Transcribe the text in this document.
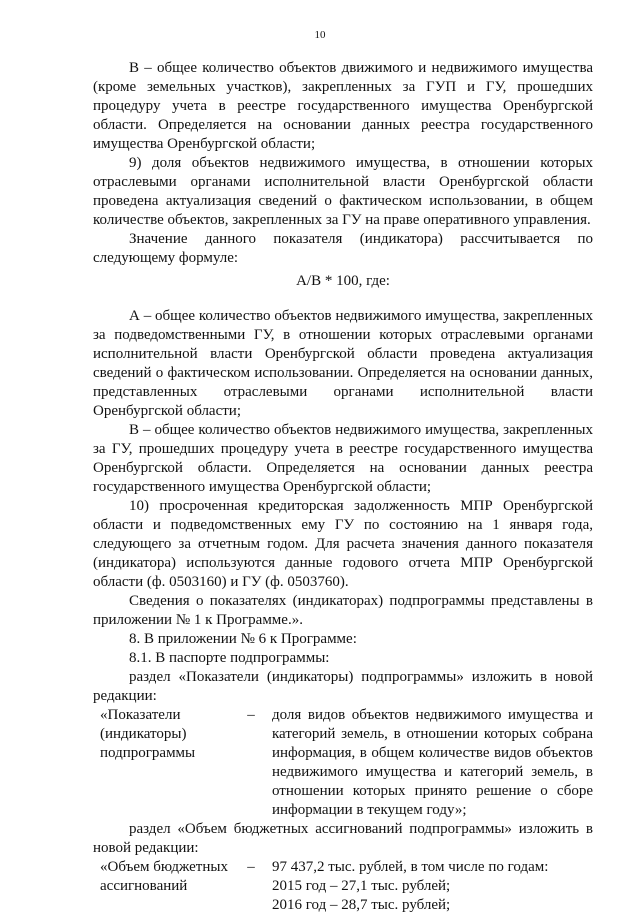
10

В – общее количество объектов движимого и недвижимого имущества (кроме земельных участков), закрепленных за ГУП и ГУ, прошедших процедуру учета в реестре государственного имущества Оренбургской области. Определяется на основании данных реестра государственного имущества Оренбургской области;

9) доля объектов недвижимого имущества, в отношении которых отраслевыми органами исполнительной власти Оренбургской области проведена актуализация сведений о фактическом использовании, в общем количестве объектов, закрепленных за ГУ на праве оперативного управления.

Значение данного показателя (индикатора) рассчитывается по следующему формуле:

А/В * 100, где:

А – общее количество объектов недвижимого имущества, закрепленных за подведомственными ГУ, в отношении которых отраслевыми органами исполнительной власти Оренбургской области проведена актуализация сведений о фактическом использовании. Определяется на основании данных, представленных отраслевыми органами исполнительной власти Оренбургской области;

В – общее количество объектов недвижимого имущества, закрепленных за ГУ, прошедших процедуру учета в реестре государственного имущества Оренбургской области. Определяется на основании данных реестра государственного имущества Оренбургской области;

10) просроченная кредиторская задолженность МПР Оренбургской области и подведомственных ему ГУ по состоянию на 1 января года, следующего за отчетным годом. Для расчета значения данного показателя (индикатора) используются данные годового отчета МПР Оренбургской области (ф. 0503160) и ГУ (ф. 0503760).

Сведения о показателях (индикаторах) подпрограммы представлены в приложении № 1 к Программе.».

8. В приложении № 6 к Программе:

8.1. В паспорте подпрограммы:

раздел «Показатели (индикаторы) подпрограммы» изложить в новой редакции:

«Показатели (индикаторы) подпрограммы	–	доля видов объектов недвижимого имущества и категорий земель, в отношении которых собрана информация, в общем количестве видов объектов недвижимого имущества и категорий земель, в отношении которых принято решение о сборе информации в текущем году»;

раздел «Объем бюджетных ассигнований подпрограммы» изложить в новой редакции:

«Объем бюджетных ассигнований	–	97 437,2 тыс. рублей, в том числе по годам:
2015 год – 27,1 тыс. рублей;
2016 год – 28,7 тыс. рублей;
